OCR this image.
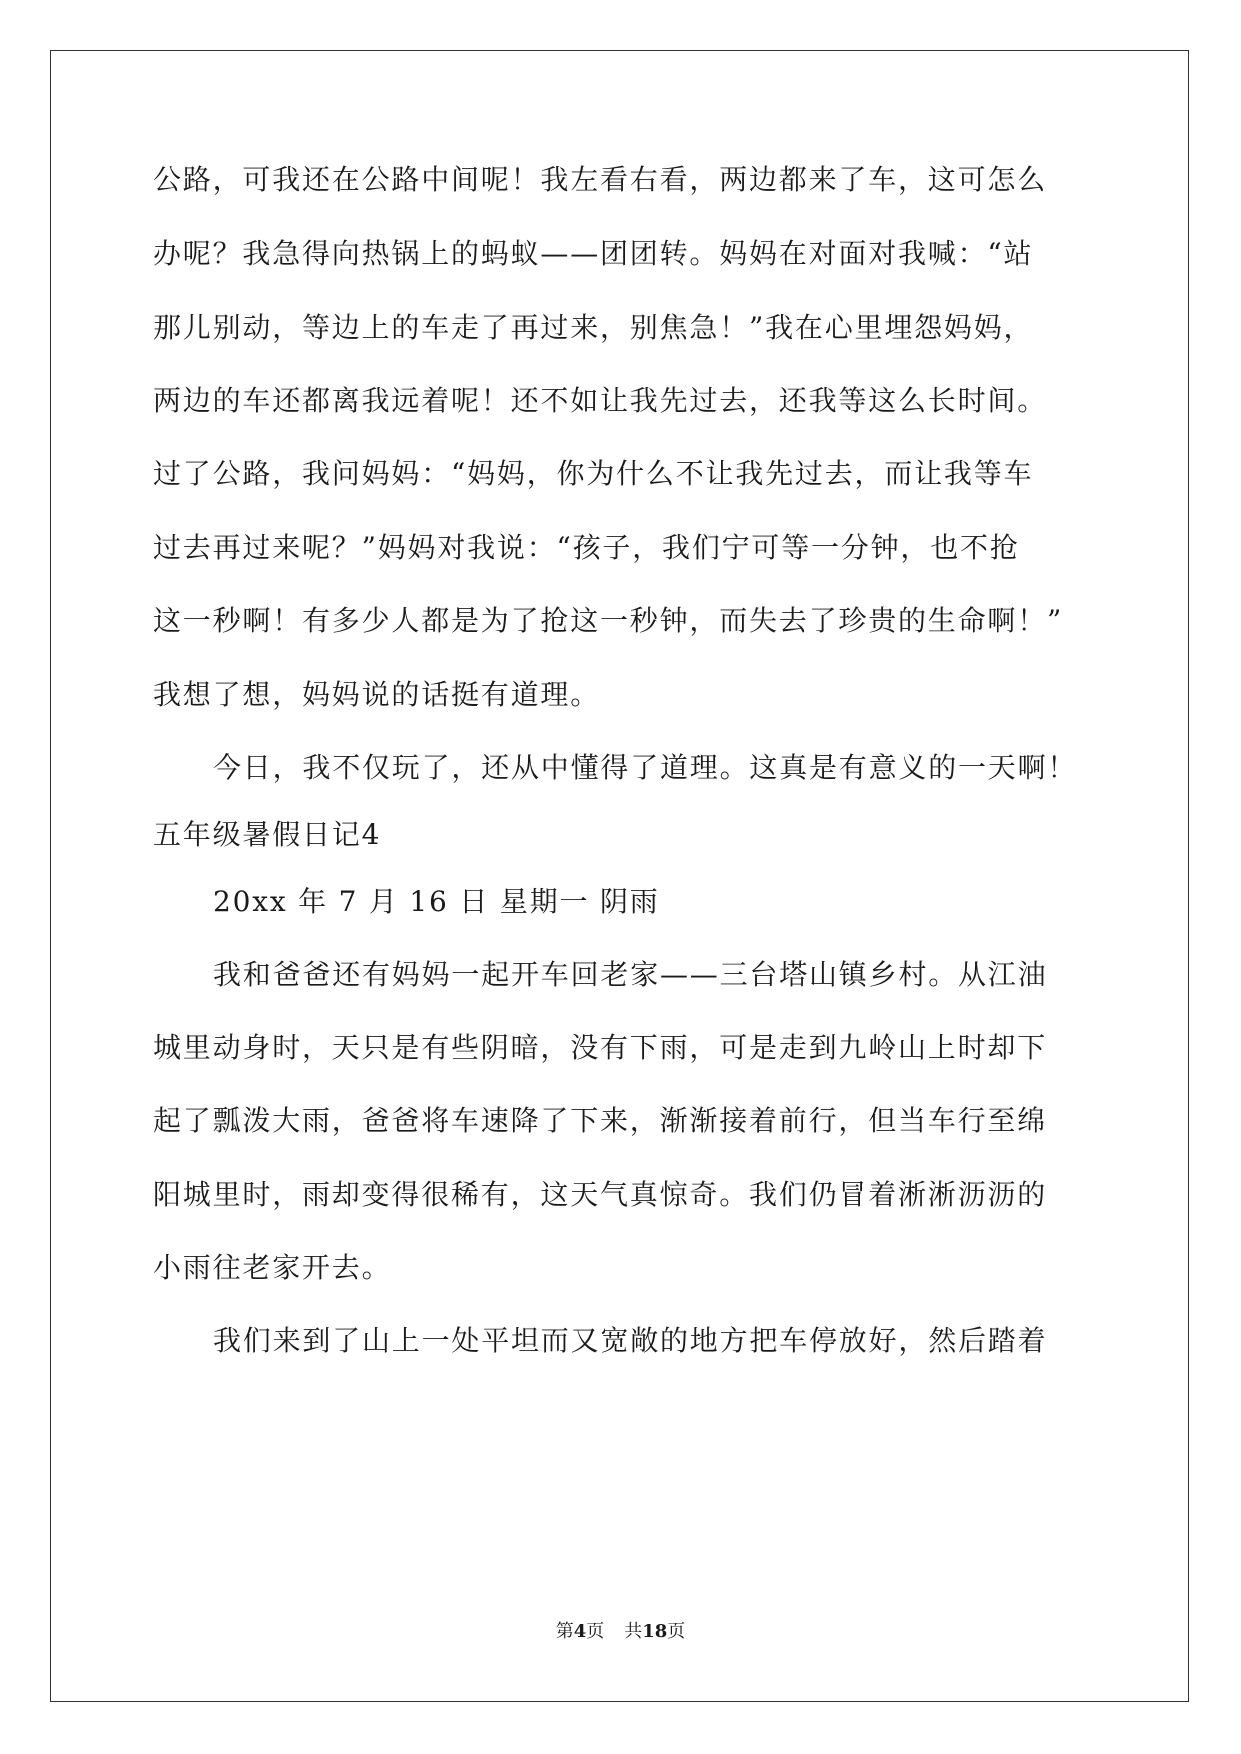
公路，可我还在公路中间呢！我左看右看，两边都来了车，这可怎么
办呢？我急得向热锅上的蚂蚁——团团转。妈妈在对面对我喊：“站
那儿别动，等边上的车走了再过来，别焦急！”我在心里埋怨妈妈，
两边的车还都离我远着呢！还不如让我先过去，还我等这么长时间。
过了公路，我问妈妈：“妈妈，你为什么不让我先过去，而让我等车
过去再过来呢？”妈妈对我说：“孩子，我们宁可等一分钟，也不抢
这一秒啊！有多少人都是为了抢这一秒钟，而失去了珍贵的生命啊！”
我想了想，妈妈说的话挺有道理。
今日，我不仅玩了，还从中懂得了道理。这真是有意义的一天啊！
五年级暑假日记4
20xx 年 7 月 16 日 星期一 阴雨
我和爸爸还有妈妈一起开车回老家——三台塔山镇乡村。从江油
城里动身时，天只是有些阴暗，没有下雨，可是走到九岭山上时却下
起了瓢泼大雨，爸爸将车速降了下来，渐渐接着前行，但当车行至绵
阳城里时，雨却变得很稀有，这天气真惊奇。我们仍冒着淅淅沥沥的
小雨往老家开去。
我们来到了山上一处平坦而又宽敞的地方把车停放好，然后踏着
第4页 共18页
